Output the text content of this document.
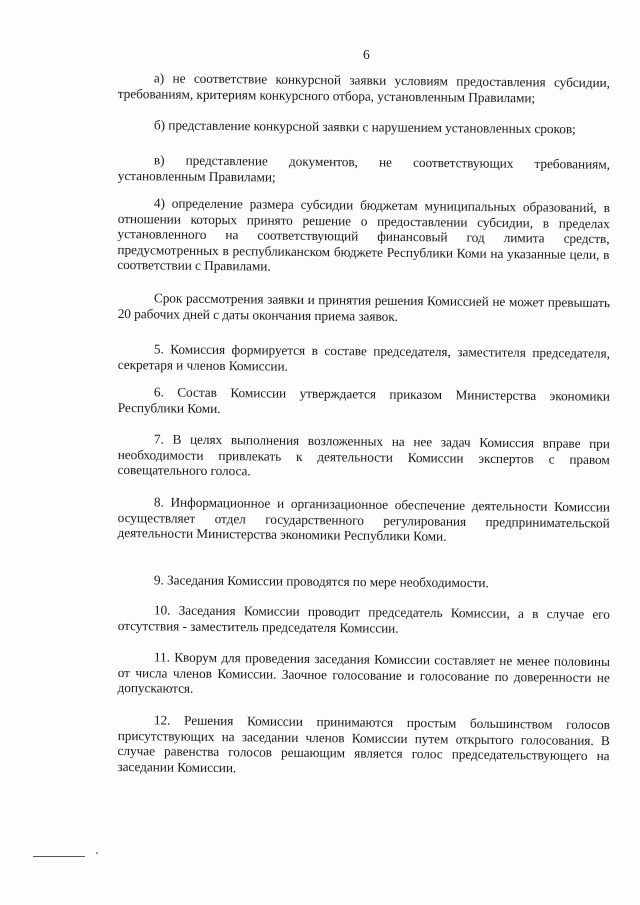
6

а) не соответствие конкурсной заявки условиям предоставления субсидии, требованиям, критериям конкурсного отбора, установленным Правилами;

б) представление конкурсной заявки с нарушением установленных сроков;

в) представление документов, не соответствующих требованиям, установленным Правилами;

4) определение размера субсидии бюджетам муниципальных образований, в отношении которых принято решение о предоставлении субсидии, в пределах установленного на соответствующий финансовый год лимита средств, предусмотренных в республиканском бюджете Республики Коми на указанные цели, в соответствии с Правилами.

Срок рассмотрения заявки и принятия решения Комиссией не может превышать 20 рабочих дней с даты окончания приема заявок.

5. Комиссия формируется в составе председателя, заместителя председателя, секретаря и членов Комиссии.

6. Состав Комиссии утверждается приказом Министерства экономики Республики Коми.

7. В целях выполнения возложенных на нее задач Комиссия вправе при необходимости привлекать к деятельности Комиссии экспертов с правом совещательного голоса.

8. Информационное и организационное обеспечение деятельности Комиссии осуществляет отдел государственного регулирования предпринимательской деятельности Министерства экономики Республики Коми.

9. Заседания Комиссии проводятся по мере необходимости.

10. Заседания Комиссии проводит председатель Комиссии, а в случае его отсутствия - заместитель председателя Комиссии.

11. Кворум для проведения заседания Комиссии составляет не менее половины от числа членов Комиссии. Заочное голосование и голосование по доверенности не допускаются.

12. Решения Комиссии принимаются простым большинством голосов присутствующих на заседании членов Комиссии путем открытого голосования. В случае равенства голосов решающим является голос председательствующего на заседании Комиссии.
